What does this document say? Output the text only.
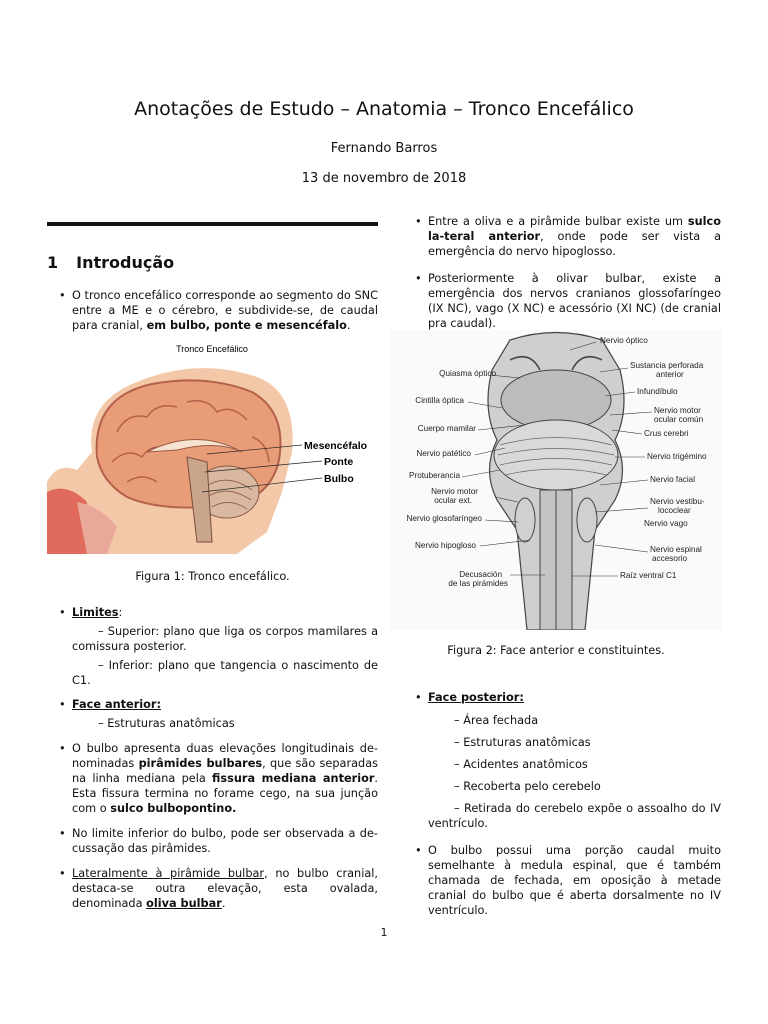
Anotações de Estudo – Anatomia – Tronco Encefálico
Fernando Barros
13 de novembro de 2018
1 Introdução
• O tronco encefálico corresponde ao segmento do SNC entre a ME e o cérebro, e subdivide-se, de caudal para cranial, em bulbo, ponte e mesencéfalo.
Tronco Encefálico
Mesencéfalo
Ponte
Bulbo
Figura 1: Tronco encefálico.
• Limites:
– Superior: plano que liga os corpos mamilares a comissura posterior.
– Inferior: plano que tangencia o nascimento de C1.
• Face anterior:
– Estruturas anatômicas
• O bulbo apresenta duas elevações longitudinais de-nominadas pirâmides bulbares, que são separadas na linha mediana pela fissura mediana anterior. Esta fissura termina no forame cego, na sua junção com o sulco bulbopontino.
• No limite inferior do bulbo, pode ser observada a de-cussação das pirâmides.
• Lateralmente à pirâmide bulbar, no bulbo cranial, destaca-se outra elevação, esta ovalada, denominada oliva bulbar.
• Entre a oliva e a pirâmide bulbar existe um sulco la-teral anterior, onde pode ser vista a emergência do nervo hipoglosso.
• Posteriormente à olivar bulbar, existe a emergência dos nervos cranianos glossofaríngeo (IX NC), vago (X NC) e acessório (XI NC) (de cranial pra caudal).
Quiasma óptico
Cintilla óptica
Cuerpo mamilar
Nervio patético
Protuberancia
Nervio motor
ocular ext.
Nervio glosofaríngeo
Nervio hipogloso
Decusación
de las pirámides
Nervio óptico
Sustancia perforada
anterior
Infundíbulo
Nervio motor
ocular común
Crus cerebri
Nervio trigémino
Nervio facial
Nervio vestibu-
lococlear
Nervio vago
Nervio espinal
accesorio
Raíz ventral C1
Figura 2: Face anterior e constituintes.
• Face posterior:
– Área fechada
– Estruturas anatômicas
– Acidentes anatômicos
– Recoberta pelo cerebelo
– Retirada do cerebelo expõe o assoalho do IV ventrículo.
• O bulbo possui uma porção caudal muito semelhante à medula espinal, que é também chamada de fechada, em oposição à metade cranial do bulbo que é aberta dorsalmente no IV ventrículo.
1
